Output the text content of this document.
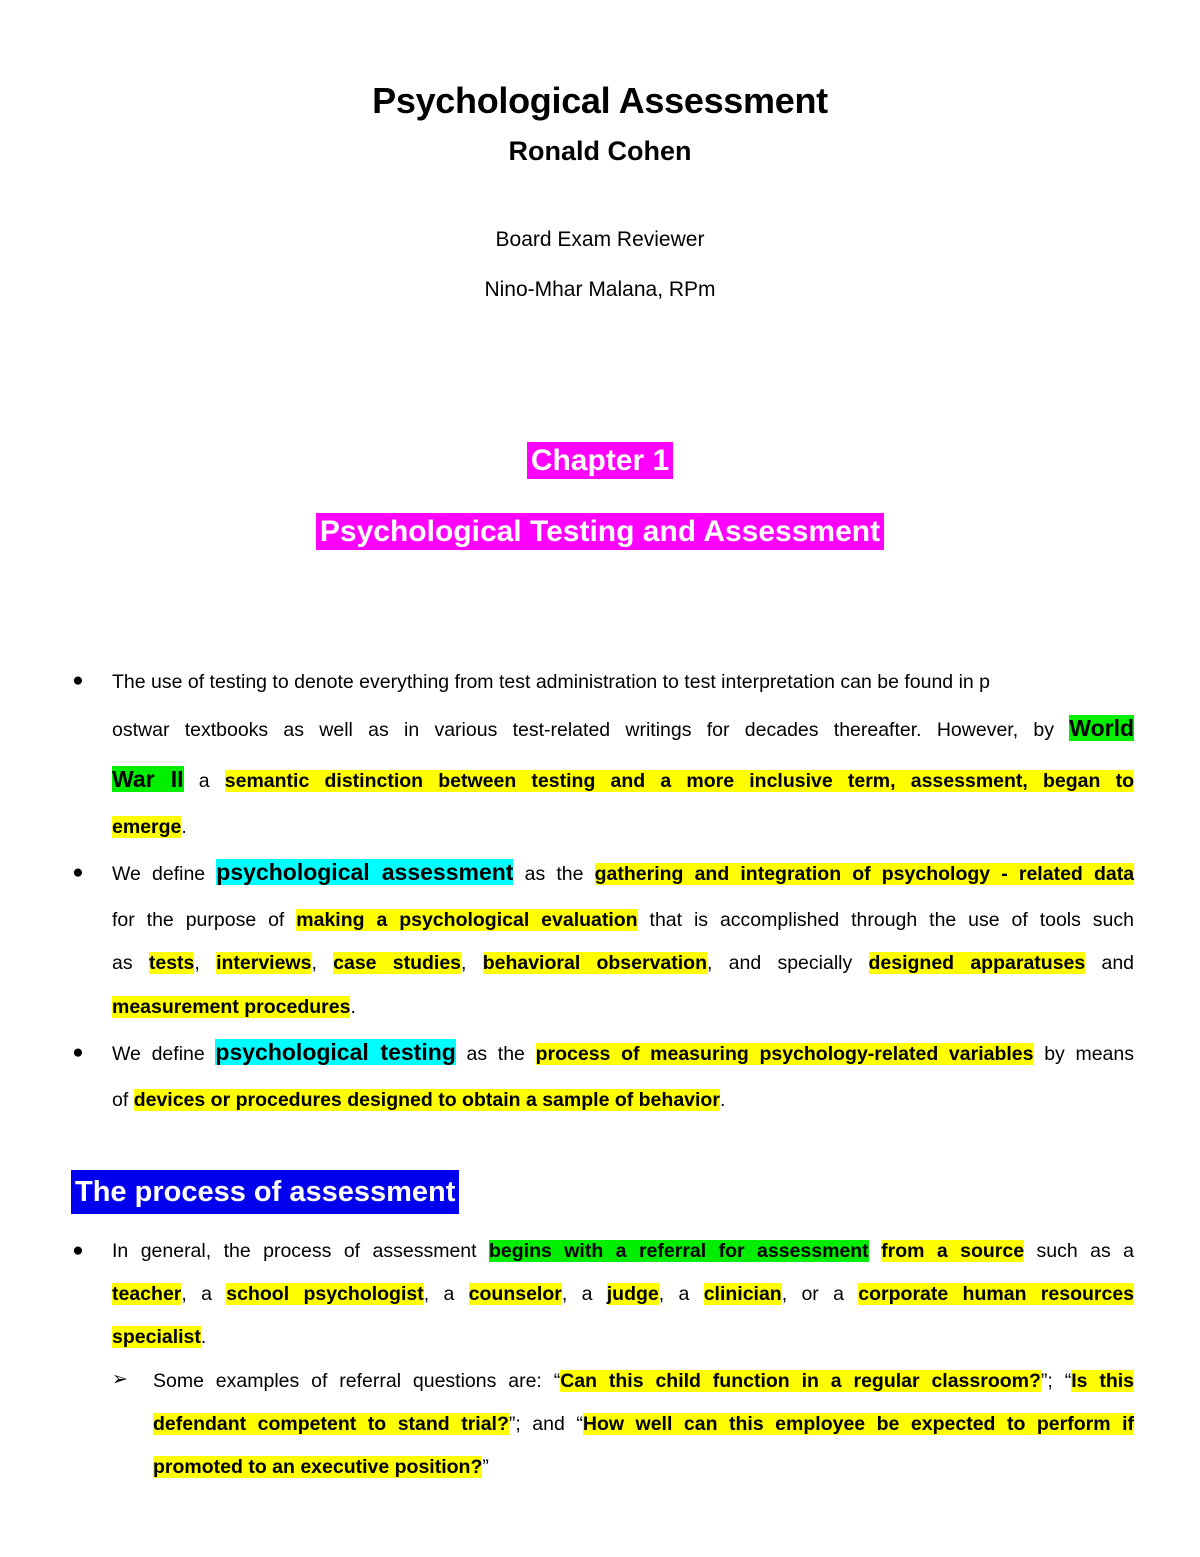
Psychological Assessment
Ronald Cohen
Board Exam Reviewer
Nino-Mhar Malana, RPm
Chapter 1
Psychological Testing and Assessment
● The use of testing to denote everything from test administration to test interpretation can be found in p
ostwar textbooks as well as in various test-related writings for decades thereafter. However, by World
War II a semantic distinction between testing and a more inclusive term, assessment, began to
emerge.
● We define psychological assessment as the gathering and integration of psychology - related data
for the purpose of making a psychological evaluation that is accomplished through the use of tools such
as tests, interviews, case studies, behavioral observation, and specially designed apparatuses and
measurement procedures.
● We define psychological testing as the process of measuring psychology-related variables by means
of devices or procedures designed to obtain a sample of behavior.
The process of assessment
● In general, the process of assessment begins with a referral for assessment from a source such as a
teacher, a school psychologist, a counselor, a judge, a clinician, or a corporate human resources
specialist.
➢ Some examples of referral questions are: “Can this child function in a regular classroom?”; “Is this
defendant competent to stand trial?”; and “How well can this employee be expected to perform if
promoted to an executive position?”
